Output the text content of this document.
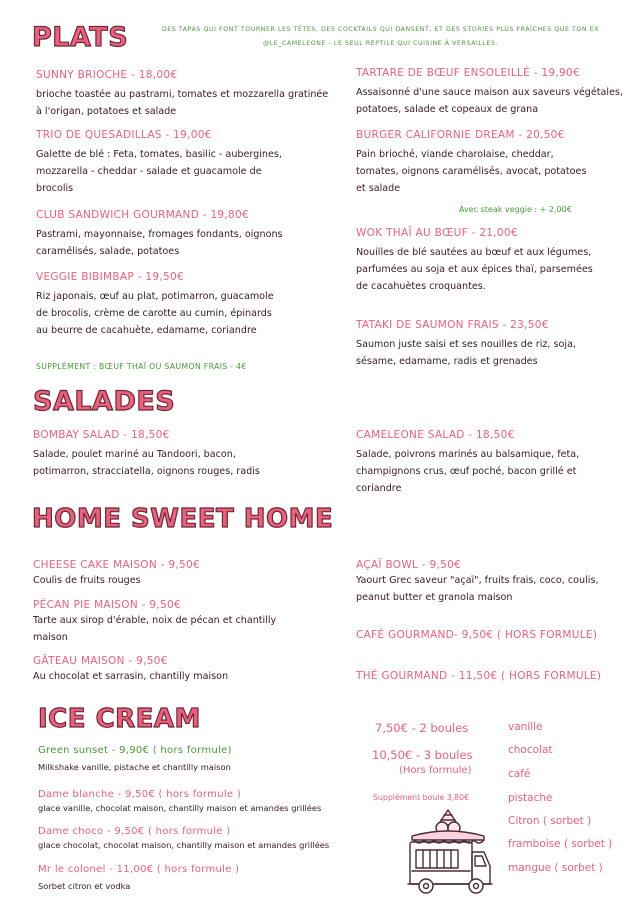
PLATS	DES TAPAS QUI FONT TOURNER LES TÊTES, DES COCKTAILS QUI DANSENT, ET DES STORIES PLUS FRAÎCHES QUE TON EX
@LE_CAMELEONE - LE SEUL REPTILE QUI CUISINE À VERSAILLES.
SUNNY BRIOCHE - 18,00€
brioche toastée au pastrami, tomates et mozzarella gratinée à l'origan, potatoes et salade
TRIO DE QUESADILLAS - 19,00€
Galette de blé : Feta, tomates, basilic - aubergines, mozzarella - cheddar - salade et guacamole de brocolis
CLUB SANDWICH GOURMAND - 19,80€
Pastrami, mayonnaise, fromages fondants, oignons caramélisés, salade, potatoes
VEGGIE BIBIMBAP - 19,50€
Riz japonais, œuf au plat, potimarron, guacamole de brocolis, crème de carotte au cumin, épinards au beurre de cacahuète, edamame, coriandre
SUPPLÉMENT : BŒUF THAÏ OU SAUMON FRAIS - 4€
TARTARE DE BŒUF ENSOLEILLÉ - 19,90€
Assaisonné d'une sauce maison aux saveurs végétales, potatoes, salade et copeaux de grana
BURGER CALIFORNIE DREAM - 20,50€
Pain brioché, viande charolaise, cheddar, tomates, oignons caramélisés, avocat, potatoes et salade
Avec steak veggie : + 2,00€
WOK THAÏ AU BŒUF - 21,00€
Nouilles de blé sautées au bœuf et aux légumes, parfumées au soja et aux épices thaï, parsemées de cacahuètes croquantes.
TATAKI DE SAUMON FRAIS - 23,50€
Saumon juste saisi et ses nouilles de riz, soja, sésame, edamame, radis et grenades
SALADES
BOMBAY SALAD - 18,50€
Salade, poulet mariné au Tandoori, bacon, potimarron, stracciatella, oignons rouges, radis
CAMELEONE SALAD - 18,50€
Salade, poivrons marinés au balsamique, feta, champignons crus, œuf poché, bacon grillé et coriandre
HOME SWEET HOME
CHEESE CAKE MAISON - 9,50€
Coulis de fruits rouges
PÉCAN PIE MAISON - 9,50€
Tarte aux sirop d'érable, noix de pécan et chantilly maison
GÂTEAU MAISON - 9,50€
Au chocolat et sarrasin, chantilly maison
AÇAÏ BOWL - 9,50€
Yaourt Grec saveur "açaï", fruits frais, coco, coulis, peanut butter et granola maison
CAFÉ GOURMAND- 9,50€ ( HORS FORMULE)
THÉ GOURMAND - 11,50€ ( HORS FORMULE)
ICE CREAM
Green sunset - 9,90€ ( hors formule)
Milkshake vanille, pistache et chantilly maison
Dame blanche - 9,50€ ( hors formule )
glace vanille, chocolat maison, chantilly maison et amandes grillées
Dame choco - 9,50€ ( hors formule )
glace chocolat, chocolat maison, chantilly maison et amandes grillées
Mr le colonel - 11,00€ ( hors formule )
Sorbet citron et vodka
7,50€ - 2 boules
10,50€ - 3 boules
(Hors formule)
Supplément boule 3,80€
vanille
chocolat
café
pistache
Citron ( sorbet )
framboise ( sorbet )
mangue ( sorbet )
